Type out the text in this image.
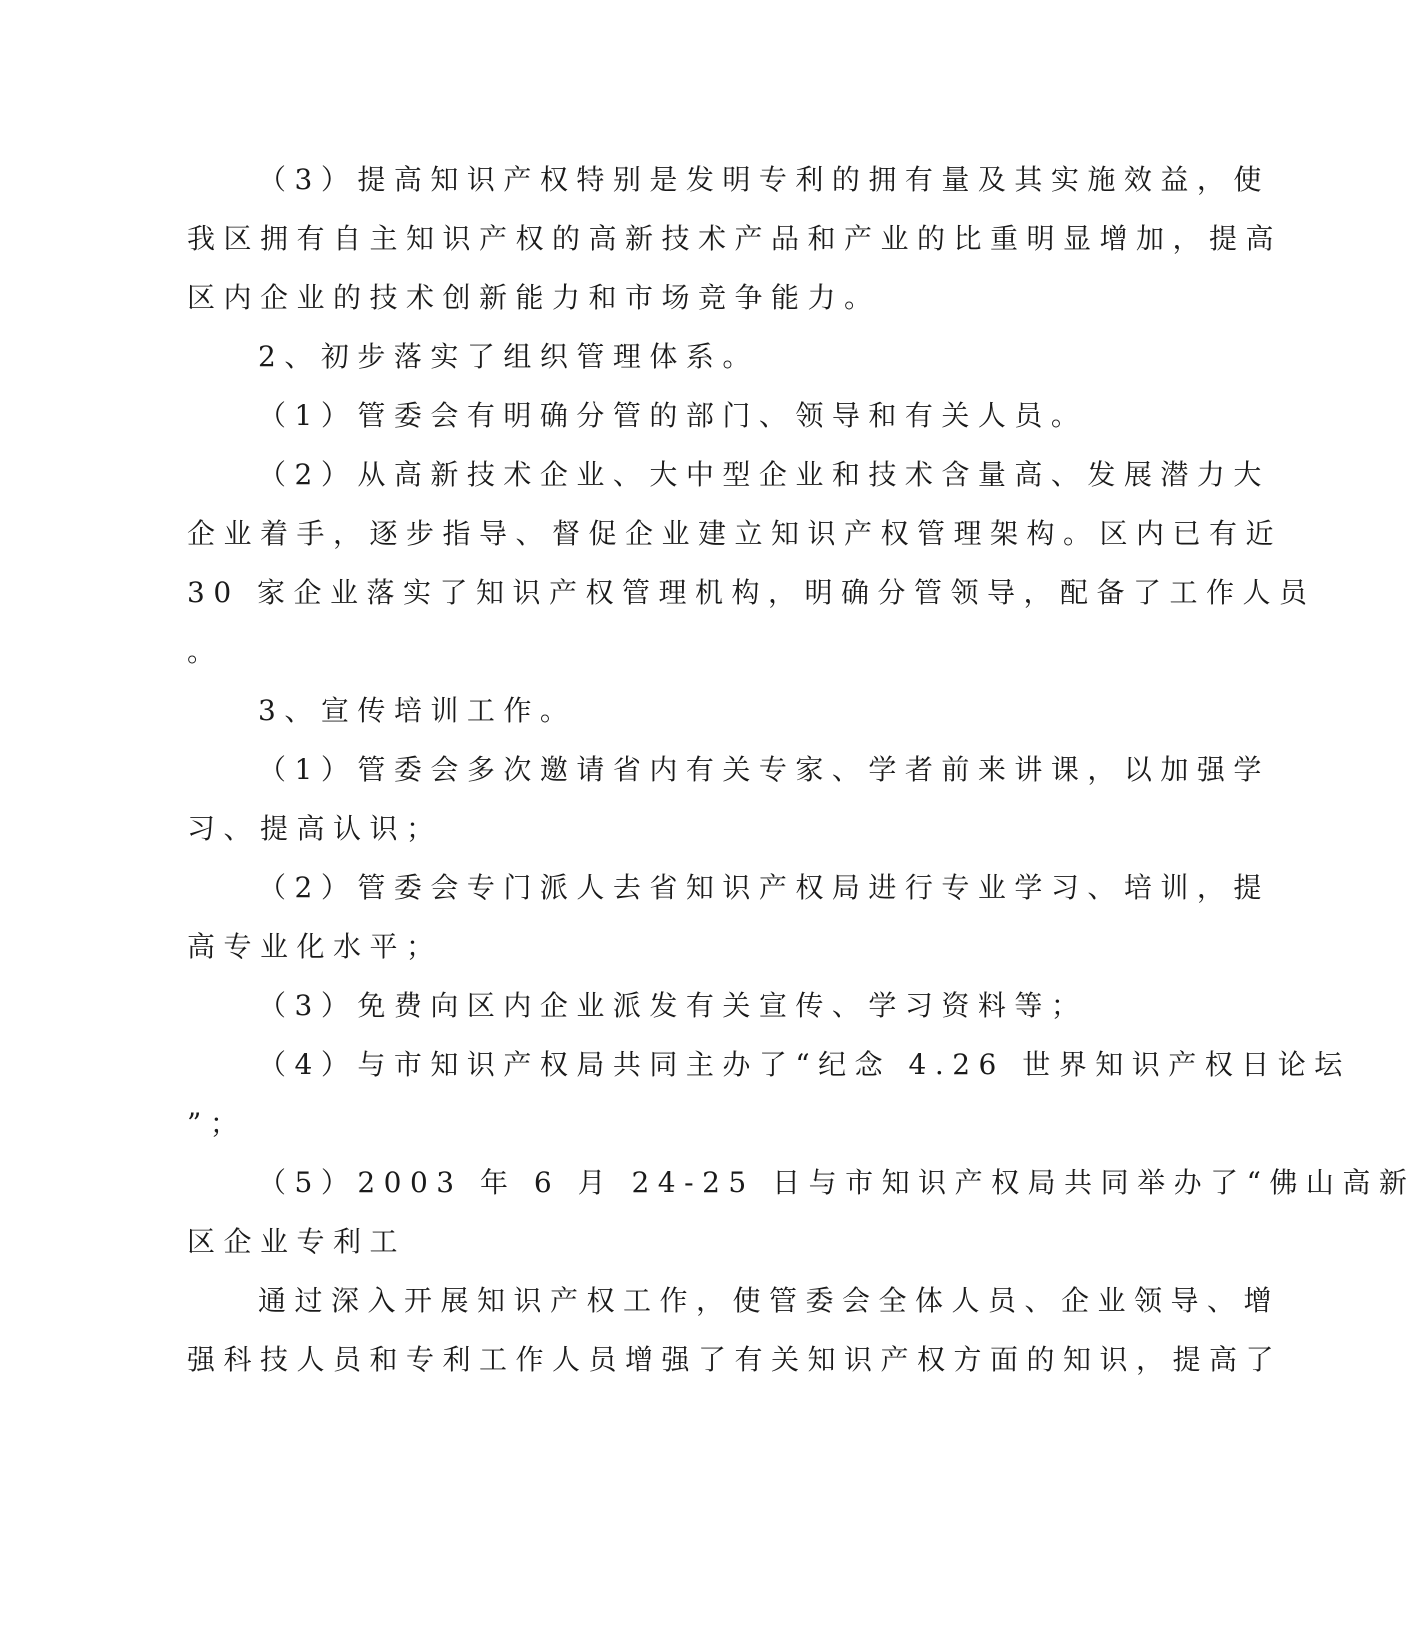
（3）提高知识产权特别是发明专利的拥有量及其实施效益，使
我区拥有自主知识产权的高新技术产品和产业的比重明显增加，提高
区内企业的技术创新能力和市场竞争能力。
2、初步落实了组织管理体系。
（1）管委会有明确分管的部门、领导和有关人员。
（2）从高新技术企业、大中型企业和技术含量高、发展潜力大
企业着手，逐步指导、督促企业建立知识产权管理架构。区内已有近
30 家企业落实了知识产权管理机构，明确分管领导，配备了工作人员
。
3、宣传培训工作。
（1）管委会多次邀请省内有关专家、学者前来讲课，以加强学
习、提高认识；
（2）管委会专门派人去省知识产权局进行专业学习、培训，提
高专业化水平；
（3）免费向区内企业派发有关宣传、学习资料等；
（4）与市知识产权局共同主办了“纪念 4.26 世界知识产权日论坛
”；
（5）2003 年 6 月 24-25 日与市知识产权局共同举办了“佛山高新
区企业专利工
通过深入开展知识产权工作，使管委会全体人员、企业领导、增
强科技人员和专利工作人员增强了有关知识产权方面的知识，提高了
